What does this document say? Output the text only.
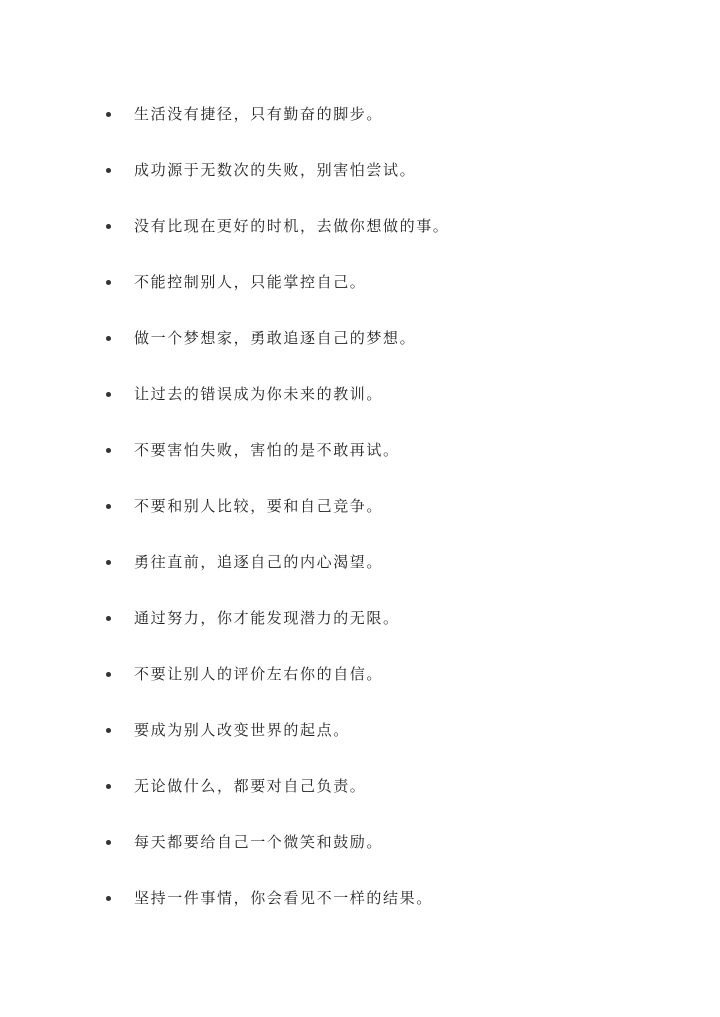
生活没有捷径，只有勤奋的脚步。
成功源于无数次的失败，别害怕尝试。
没有比现在更好的时机，去做你想做的事。
不能控制别人，只能掌控自己。
做一个梦想家，勇敢追逐自己的梦想。
让过去的错误成为你未来的教训。
不要害怕失败，害怕的是不敢再试。
不要和别人比较，要和自己竞争。
勇往直前，追逐自己的内心渴望。
通过努力，你才能发现潜力的无限。
不要让别人的评价左右你的自信。
要成为别人改变世界的起点。
无论做什么，都要对自己负责。
每天都要给自己一个微笑和鼓励。
坚持一件事情，你会看见不一样的结果。
